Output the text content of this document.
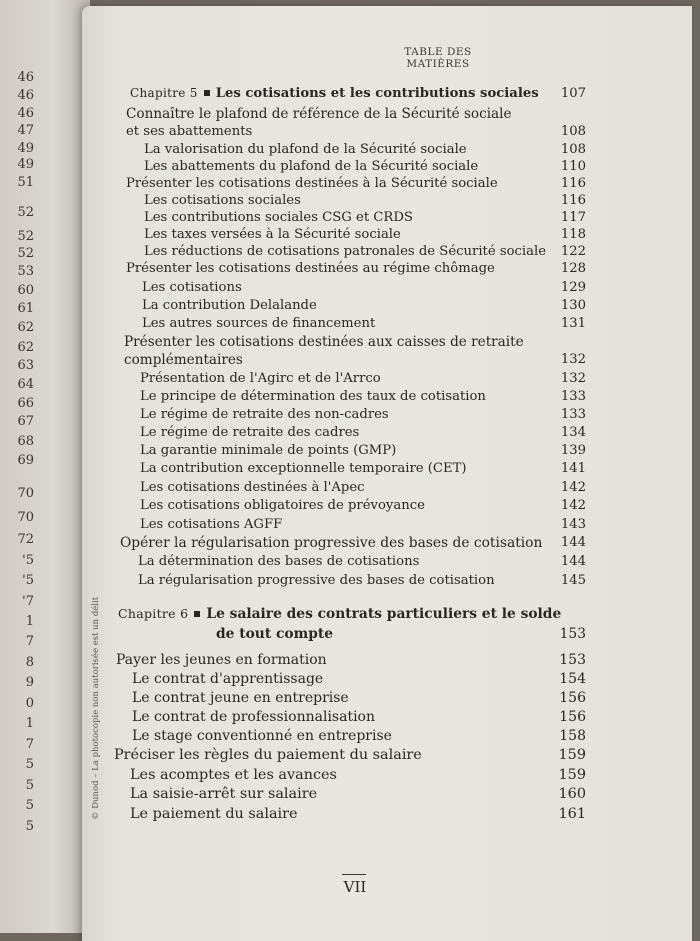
46
46
46
47
49
49
51
52
52
52
53
60
61
62
62
63
64
66
67
68
69
70
70
72
'5
'5
'7
1
7
8
9
0
1
7
5
5
5
5
TABLE DES MATIÈRES
Chapitre 5 Les cotisations et les contributions sociales 107
Connaître le plafond de référence de la Sécurité sociale
et ses abattements	108
La valorisation du plafond de la Sécurité sociale	108
Les abattements du plafond de la Sécurité sociale	110
Présenter les cotisations destinées à la Sécurité sociale	116
Les cotisations sociales	116
Les contributions sociales CSG et CRDS	117
Les taxes versées à la Sécurité sociale	118
Les réductions de cotisations patronales de Sécurité sociale 122
Présenter les cotisations destinées au régime chômage	128
Les cotisations	129
La contribution Delalande	130
Les autres sources de financement	131
Présenter les cotisations destinées aux caisses de retraite
complémentaires	132
Présentation de l'Agirc et de l'Arrco	132
Le principe de détermination des taux de cotisation	133
Le régime de retraite des non-cadres	133
Le régime de retraite des cadres	134
La garantie minimale de points (GMP)	139
La contribution exceptionnelle temporaire (CET)	141
Les cotisations destinées à l'Apec	142
Les cotisations obligatoires de prévoyance	142
Les cotisations AGFF	143
Opérer la régularisation progressive des bases de cotisation 144
La détermination des bases de cotisations	144
La régularisation progressive des bases de cotisation	145
Chapitre 6 Le salaire des contrats particuliers et le solde
de tout compte	153
Payer les jeunes en formation	153
Le contrat d'apprentissage	154
Le contrat jeune en entreprise	156
Le contrat de professionnalisation	156
Le stage conventionné en entreprise	158
Préciser les règles du paiement du salaire	159
Les acomptes et les avances	159
La saisie-arrêt sur salaire	160
Le paiement du salaire	161
© Dunod – La photocopie non autorisée est un délit
VII
